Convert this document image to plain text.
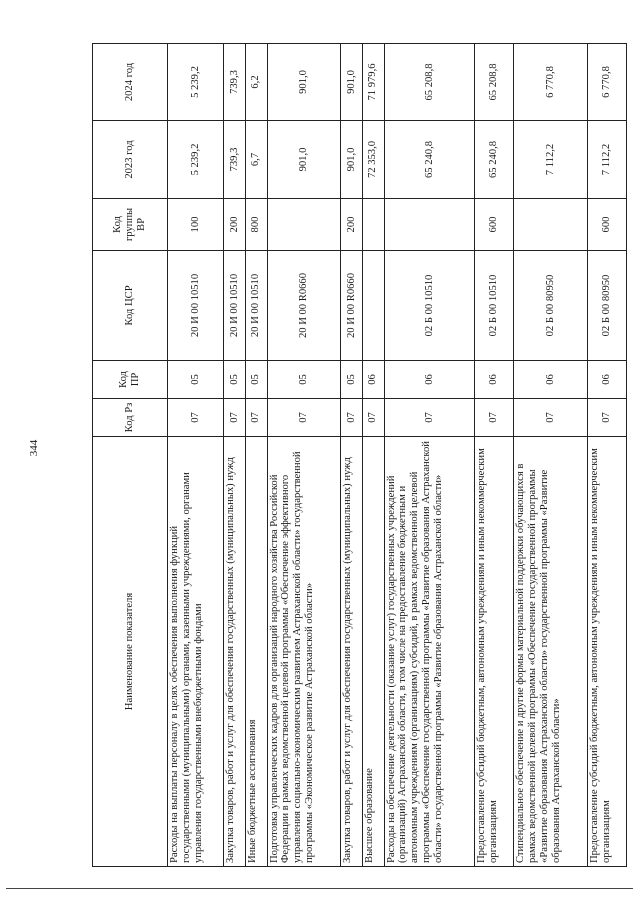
344
Наименование показателя	Код Рз	Код ПР	Код ЦСР	Код группы ВР	2023 год	2024 год
Расходы на выплаты персоналу в целях обеспечения выполнения функций государственными (муниципальными) органами, казенными учреждениями, органами управления государственными внебюджетными фондами	07	05	20 И 00 10510	100	5 239,2	5 239,2
Закупка товаров, работ и услуг для обеспечения государственных (муниципальных) нужд	07	05	20 И 00 10510	200	739,3	739,3
Иные бюджетные ассигнования	07	05	20 И 00 10510	800	6,7	6,2
Подготовка управленческих кадров для организаций народного хозяйства Российской Федерации в рамках ведомственной целевой программы «Обеспечение эффективного управления социально-экономическим развитием Астраханской области» государственной программы «Экономическое развитие Астраханской области»	07	05	20 И 00 R0660		901,0	901,0
Закупка товаров, работ и услуг для обеспечения государственных (муниципальных) нужд	07	05	20 И 00 R0660	200	901,0	901,0
Высшее образование	07	06			72 353,0	71 979,6
Расходы на обеспечение деятельности (оказание услуг) государственных учреждений (организаций) Астраханской области, в том числе на предоставление бюджетным и автономным учреждениям (организациям) субсидий, в рамках ведомственной целевой программы «Обеспечение государственной программы «Развитие образования Астраханской области» государственной программы «Развитие образования Астраханской области»	07	06	02 Б 00 10510		65 240,8	65 208,8
Предоставление субсидий бюджетным, автономным учреждениям и иным некоммерческим организациям	07	06	02 Б 00 10510	600	65 240,8	65 208,8
Стипендиальное обеспечение и другие формы материальной поддержки обучающихся в рамках ведомственной целевой программы «Обеспечение государственной программы «Развитие образования Астраханской области» государственной программы «Развитие образования Астраханской области»	07	06	02 Б 00 80950		7 112,2	6 770,8
Предоставление субсидий бюджетным, автономным учреждениям и иным некоммерческим организациям	07	06	02 Б 00 80950	600	7 112,2	6 770,8
